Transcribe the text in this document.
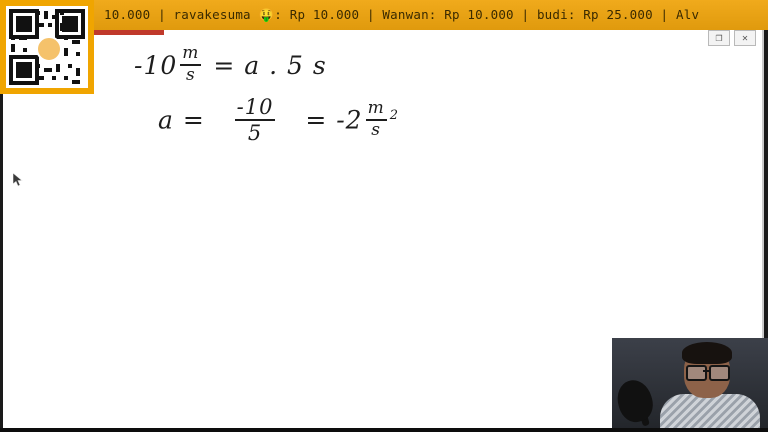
$-10 \frac{m}{s} = a$ . 5 s
$a = \frac{-10}{5} = -2 \frac{m}{s} ^2$
10.000 | ravakesuma 🤑: Rp 10.000 | Wanwan: Rp 10.000 | budi: Rp 25.000 | Alv
❐	✕
